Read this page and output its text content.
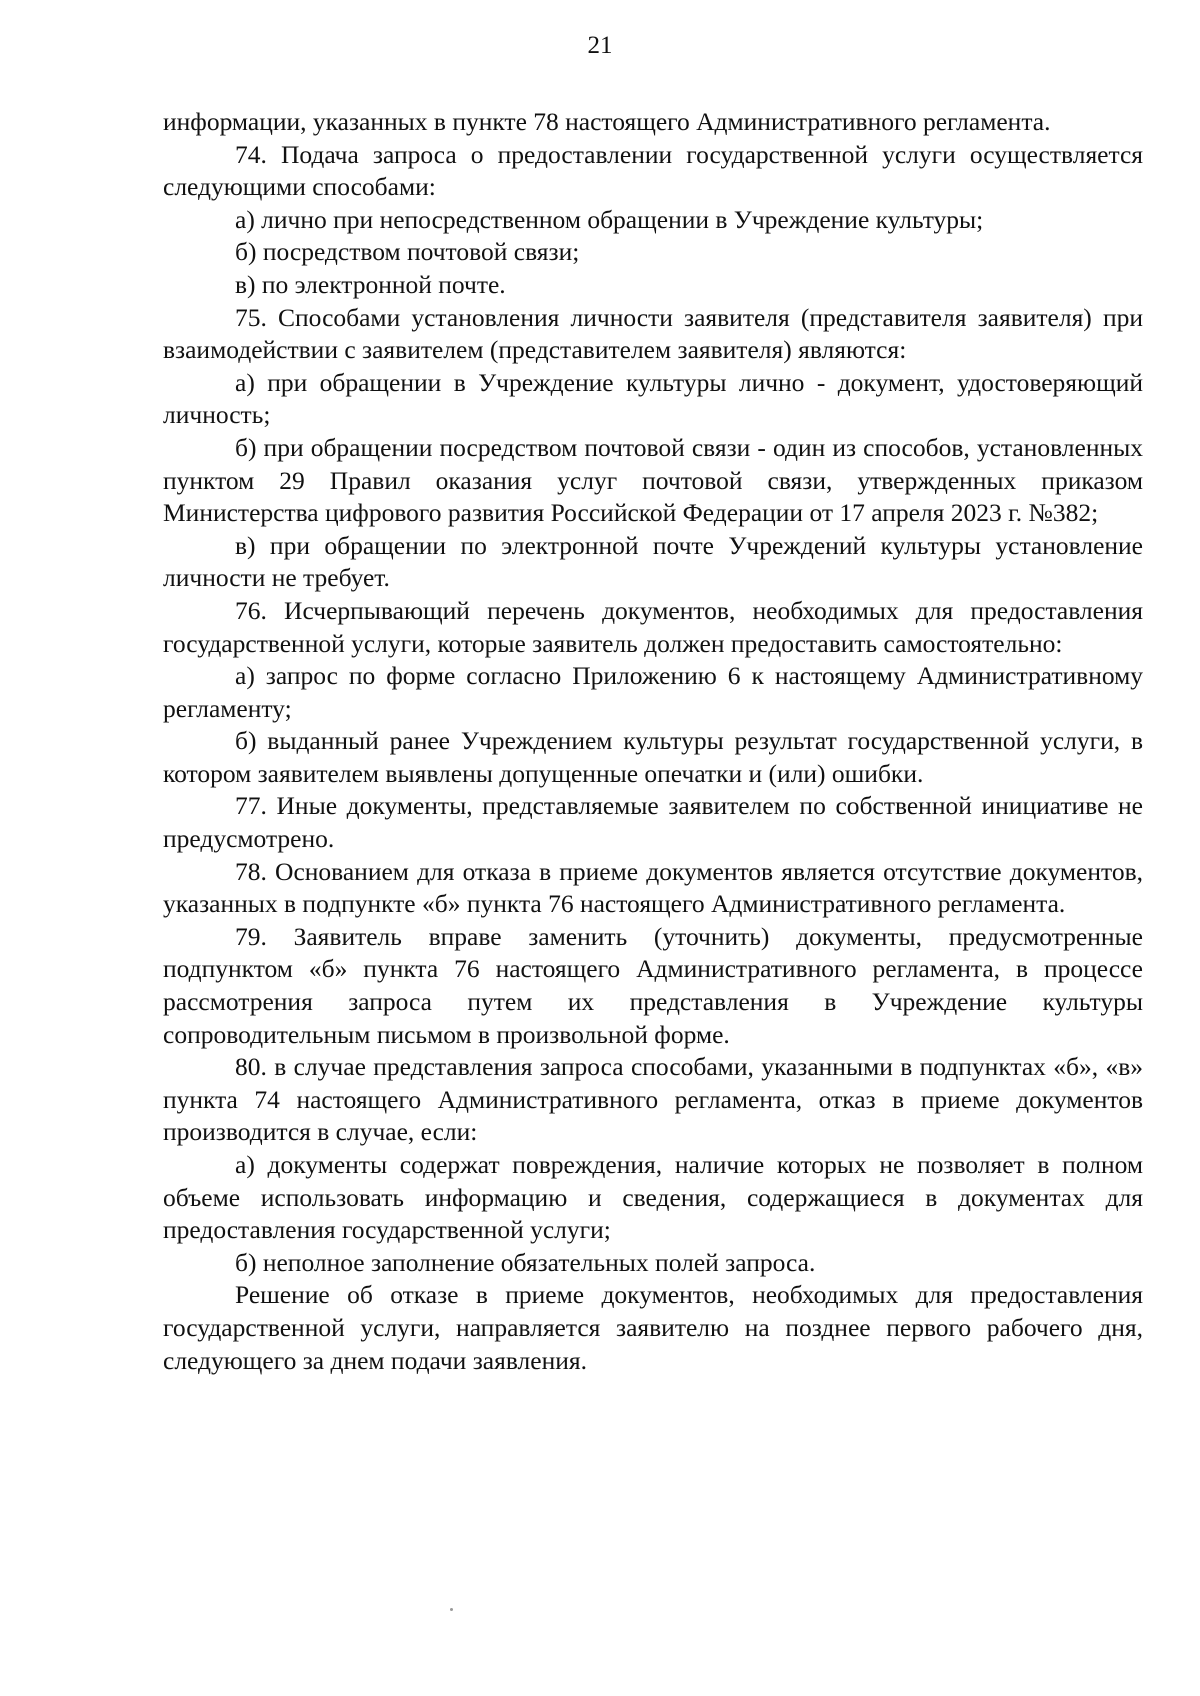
21

информации, указанных в пункте 78 настоящего Административного регламента.

74. Подача запроса о предоставлении государственной услуги осуществляется следующими способами:

а) лично при непосредственном обращении в Учреждение культуры;

б) посредством почтовой связи;

в) по электронной почте.

75. Способами установления личности заявителя (представителя заявителя) при взаимодействии с заявителем (представителем заявителя) являются:

а) при обращении в Учреждение культуры лично - документ, удостоверяющий личность;

б) при обращении посредством почтовой связи - один из способов, установленных пунктом 29 Правил оказания услуг почтовой связи, утвержденных приказом Министерства цифрового развития Российской Федерации от 17 апреля 2023 г. №382;

в) при обращении по электронной почте Учреждений культуры установление личности не требует.

76. Исчерпывающий перечень документов, необходимых для предоставления государственной услуги, которые заявитель должен предоставить самостоятельно:

а) запрос по форме согласно Приложению 6 к настоящему Административному регламенту;

б) выданный ранее Учреждением культуры результат государственной услуги, в котором заявителем выявлены допущенные опечатки и (или) ошибки.

77. Иные документы, представляемые заявителем по собственной инициативе не предусмотрено.

78. Основанием для отказа в приеме документов является отсутствие документов, указанных в подпункте «б» пункта 76 настоящего Административного регламента.

79. Заявитель вправе заменить (уточнить) документы, предусмотренные подпунктом «б» пункта 76 настоящего Административного регламента, в процессе рассмотрения запроса путем их представления в Учреждение культуры сопроводительным письмом в произвольной форме.

80. в случае представления запроса способами, указанными в подпунктах «б», «в» пункта 74 настоящего Административного регламента, отказ в приеме документов производится в случае, если:

а) документы содержат повреждения, наличие которых не позволяет в полном объеме использовать информацию и сведения, содержащиеся в документах для предоставления государственной услуги;

б) неполное заполнение обязательных полей запроса.

Решение об отказе в приеме документов, необходимых для предоставления государственной услуги, направляется заявителю на позднее первого рабочего дня, следующего за днем подачи заявления.
